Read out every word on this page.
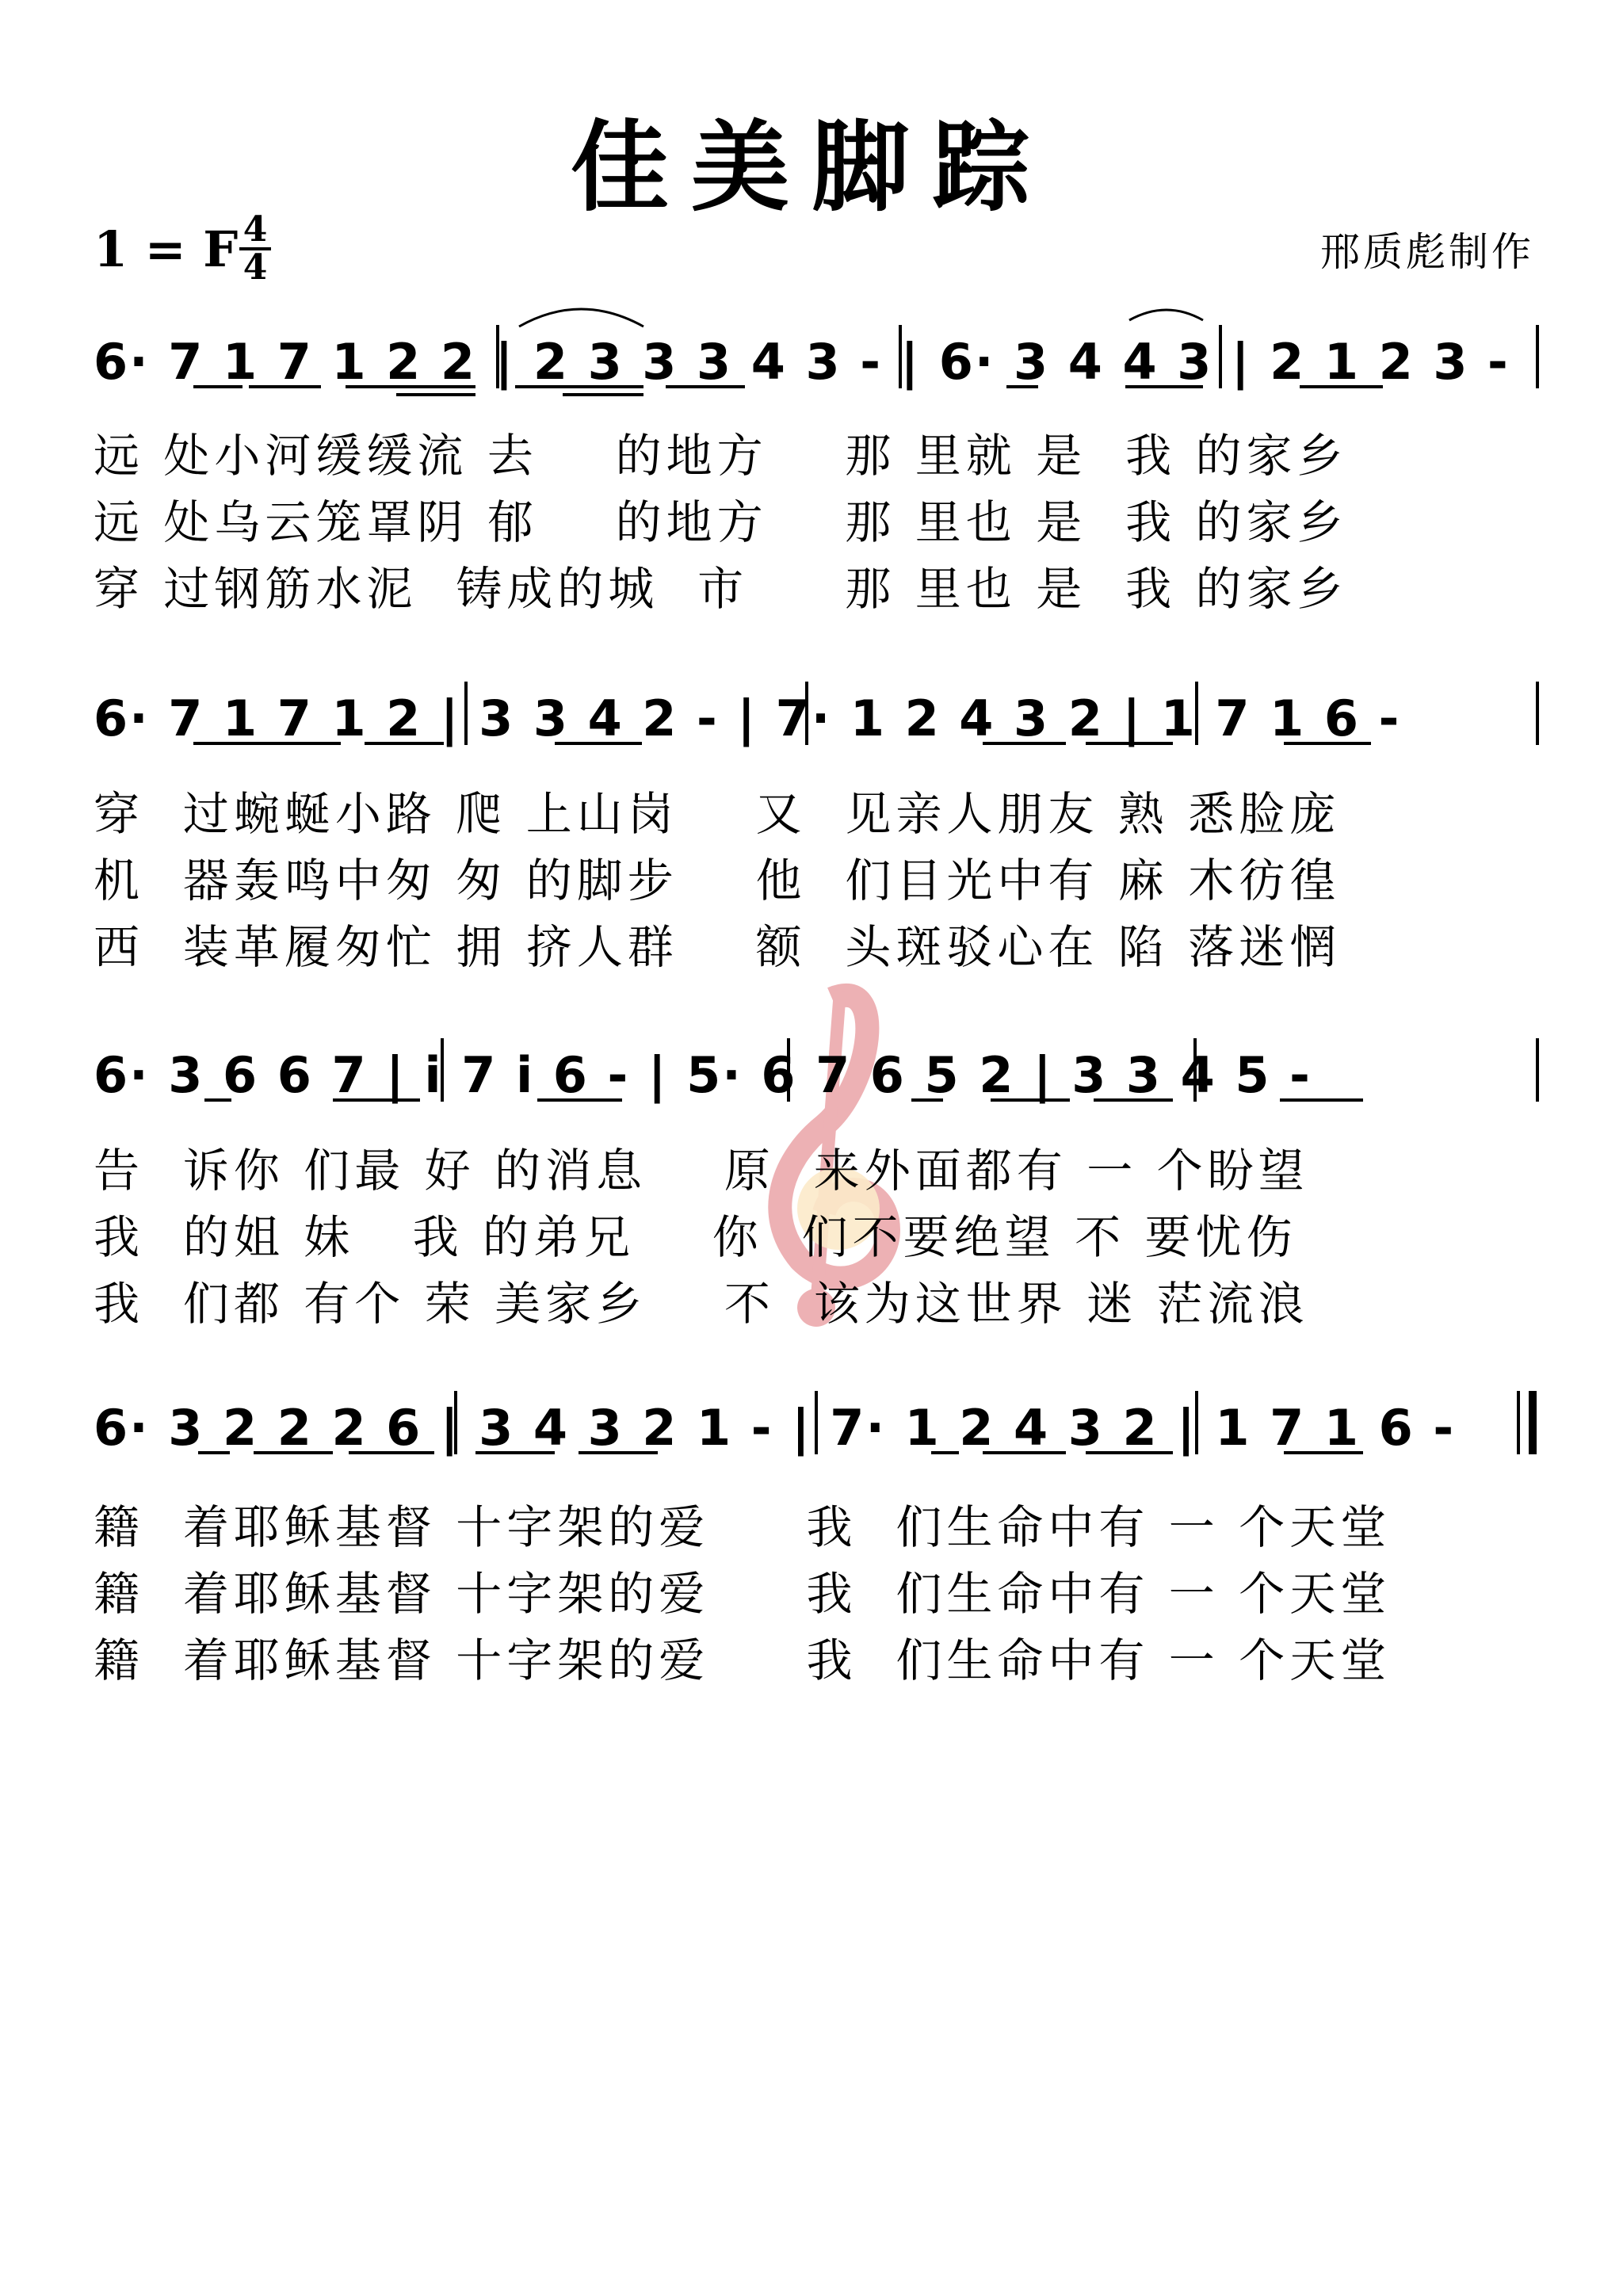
佳美脚踪
1 = F 4
4	邢质彪制作
6· 7 1 7 1 2 2 | 2 3 3 3 4 3 - | 6· 3 4 4 3 | 2 1 2 3 -
远 处小河缓缓流 去    的地方    那 里就 是  我 的家乡
远 处乌云笼罩阴 郁    的地方    那 里也 是  我 的家乡
穿 过钢筋水泥  铸成的城  市     那 里也 是  我 的家乡
6· 7 1 7 1 2 | 3 3 4 2 - | 7· 1 2 4 3 2 | 1 7 1 6 -
穿  过蜿蜒小路 爬 上山岗    又  见亲人朋友 熟 悉脸庞
机  器轰鸣中匆 匆 的脚步    他  们目光中有 麻 木彷徨
西  装革履匆忙 拥 挤人群    额  头斑驳心在 陷 落迷惘
6· 3 6 6 7 | i 7 i 6 - | 5· 6 7 6 5 2 | 3 3 4 5 -
告  诉你 们最 好 的消息    原  来外面都有 一 个盼望
我  的姐 妹   我 的弟兄    你  们不要绝望 不 要忧伤
我  们都 有个 荣 美家乡    不  该为这世界 迷 茫流浪
6· 3 2 2 2 6 | 3 4 3 2 1 - | 7· 1 2 4 3 2 | 1 7 1 6 -
籍  着耶稣基督 十字架的爱     我  们生命中有 一 个天堂
籍  着耶稣基督 十字架的爱     我  们生命中有 一 个天堂
籍  着耶稣基督 十字架的爱     我  们生命中有 一 个天堂
